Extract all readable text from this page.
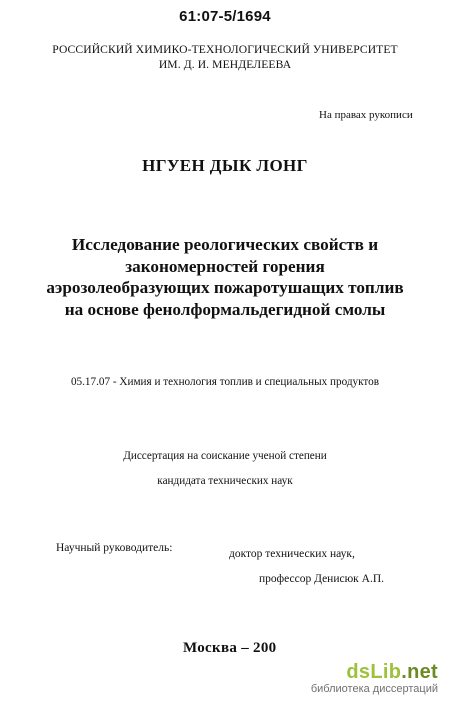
61:07-5/1694
РОССИЙСКИЙ ХИМИКО-ТЕХНОЛОГИЧЕСКИЙ УНИВЕРСИТЕТ
ИМ. Д. И. МЕНДЕЛЕЕВА
На правах рукописи
НГУЕН ДЫК ЛОНГ
Исследование реологических свойств и
закономерностей горения
аэрозолеобразующих пожаротушащих топлив
на основе фенолформальдегидной смолы
05.17.07 - Химия и технология топлив и специальных продуктов
Диссертация на соискание ученой степени
кандидата технических наук
Научный руководитель:	доктор технических наук,
профессор Денисюк А.П.
Москва – 200
dsLib.net
библиотека диссертаций
